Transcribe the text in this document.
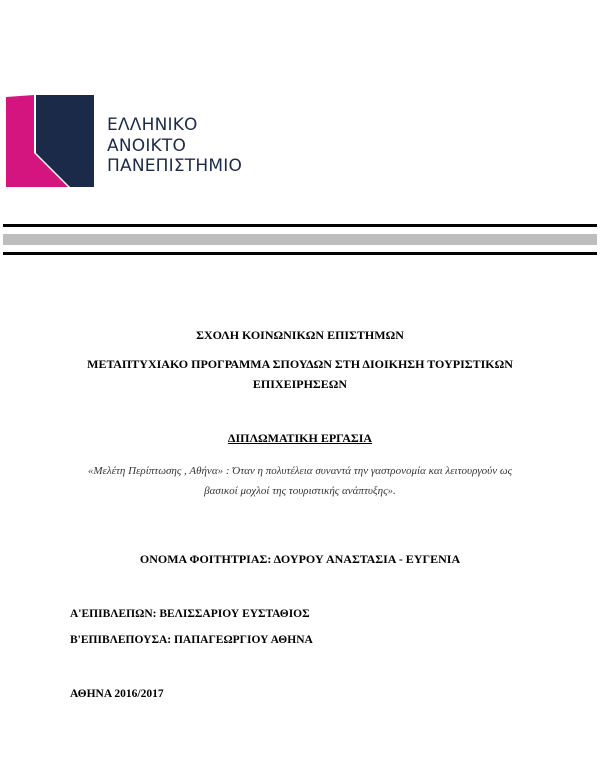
ΕΛΛΗΝΙΚΟ
ΑΝΟΙΚΤΟ
ΠΑΝΕΠΙΣΤΗΜΙΟ
ΣΧΟΛΗ ΚΟΙΝΩΝΙΚΩΝ ΕΠΙΣΤΗΜΩΝ
ΜΕΤΑΠΤΥΧΙΑΚΟ ΠΡΟΓΡΑΜΜΑ ΣΠΟΥΔΩΝ ΣΤΗ ΔΙΟΙΚΗΣΗ ΤΟΥΡΙΣΤΙΚΩΝ
ΕΠΙΧΕΙΡΗΣΕΩΝ
ΔΙΠΛΩΜΑΤΙΚΗ ΕΡΓΑΣΙΑ
«Μελέτη Περίπτωσης , Αθήνα» : Όταν η πολυτέλεια συναντά την γαστρονομία και λειτουργούν ως
βασικοί μοχλοί της τουριστικής ανάπτυξης».
ΟΝΟΜΑ ΦΟΙΤΗΤΡΙΑΣ: ΔΟΥΡΟΥ ΑΝΑΣΤΑΣΙΑ - ΕΥΓΕΝΙΑ
Α'ΕΠΙΒΛΕΠΩΝ: ΒΕΛΙΣΣΑΡΙΟΥ ΕΥΣΤΑΘΙΟΣ
Β'ΕΠΙΒΛΕΠΟΥΣΑ: ΠΑΠΑΓΕΩΡΓΙΟΥ ΑΘΗΝΑ
ΑΘΗΝΑ 2016/2017
